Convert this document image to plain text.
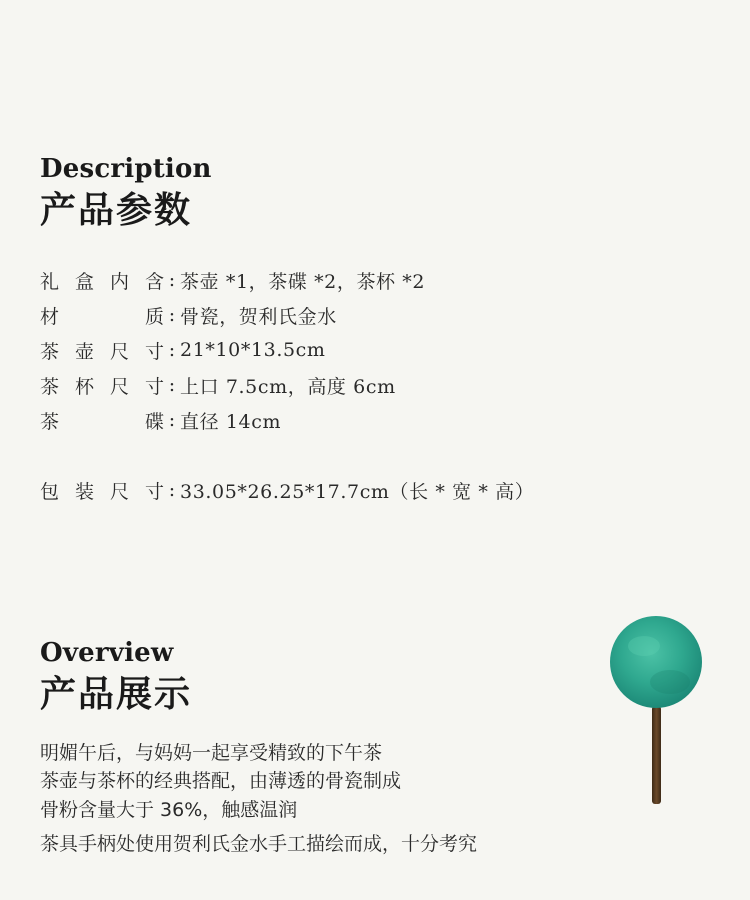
Description
产品参数
礼 盒 内 含 : 茶壶 *1，茶碟 *2，茶杯 *2
材	质 : 骨瓷，贺利氏金水
茶 壶 尺 寸 : 21*10*13.5cm
茶 杯 尺 寸 : 上口 7.5cm，高度 6cm
茶	碟 : 直径 14cm
包 装 尺 寸 : 33.05*26.25*17.7cm（长 * 宽 * 高）
Overview
产品展示
明媚午后，与妈妈一起享受精致的下午茶
茶壶与茶杯的经典搭配，由薄透的骨瓷制成
骨粉含量大于 36%，触感温润
茶具手柄处使用贺利氏金水手工描绘而成，十分考究
